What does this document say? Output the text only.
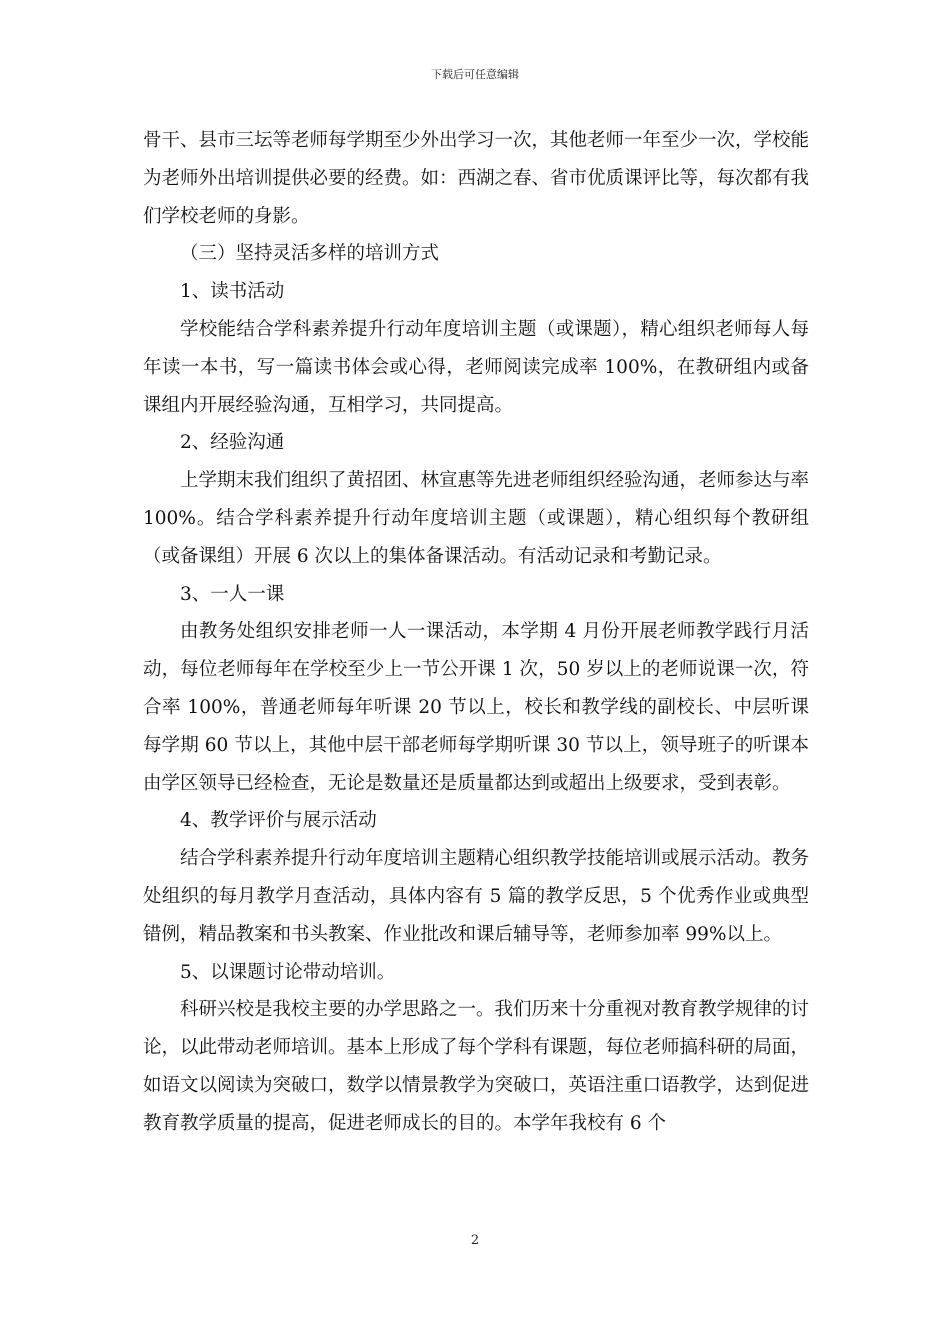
下载后可任意编辑

骨干、县市三坛等老师每学期至少外出学习一次，其他老师一年至少一次，学校能为老师外出培训提供必要的经费。如：西湖之春、省市优质课评比等，每次都有我们学校老师的身影。

（三）坚持灵活多样的培训方式

1、读书活动

学校能结合学科素养提升行动年度培训主题（或课题），精心组织老师每人每年读一本书，写一篇读书体会或心得，老师阅读完成率 100%，在教研组内或备课组内开展经验沟通，互相学习，共同提高。

2、经验沟通

上学期末我们组织了黄招团、林宣惠等先进老师组织经验沟通，老师参达与率 100%。结合学科素养提升行动年度培训主题（或课题），精心组织每个教研组（或备课组）开展 6 次以上的集体备课活动。有活动记录和考勤记录。

3、一人一课

由教务处组织安排老师一人一课活动，本学期 4 月份开展老师教学践行月活动，每位老师每年在学校至少上一节公开课 1 次，50 岁以上的老师说课一次，符合率 100%，普通老师每年听课 20 节以上，校长和教学线的副校长、中层听课每学期 60 节以上，其他中层干部老师每学期听课 30 节以上，领导班子的听课本由学区领导已经检查，无论是数量还是质量都达到或超出上级要求，受到表彰。

4、教学评价与展示活动

结合学科素养提升行动年度培训主题精心组织教学技能培训或展示活动。教务处组织的每月教学月查活动，具体内容有 5 篇的教学反思，5 个优秀作业或典型错例，精品教案和书头教案、作业批改和课后辅导等，老师参加率 99%以上。

5、以课题讨论带动培训。

科研兴校是我校主要的办学思路之一。我们历来十分重视对教育教学规律的讨论，以此带动老师培训。基本上形成了每个学科有课题，每位老师搞科研的局面，如语文以阅读为突破口，数学以情景教学为突破口，英语注重口语教学，达到促进教育教学质量的提高，促进老师成长的目的。本学年我校有 6 个

2
